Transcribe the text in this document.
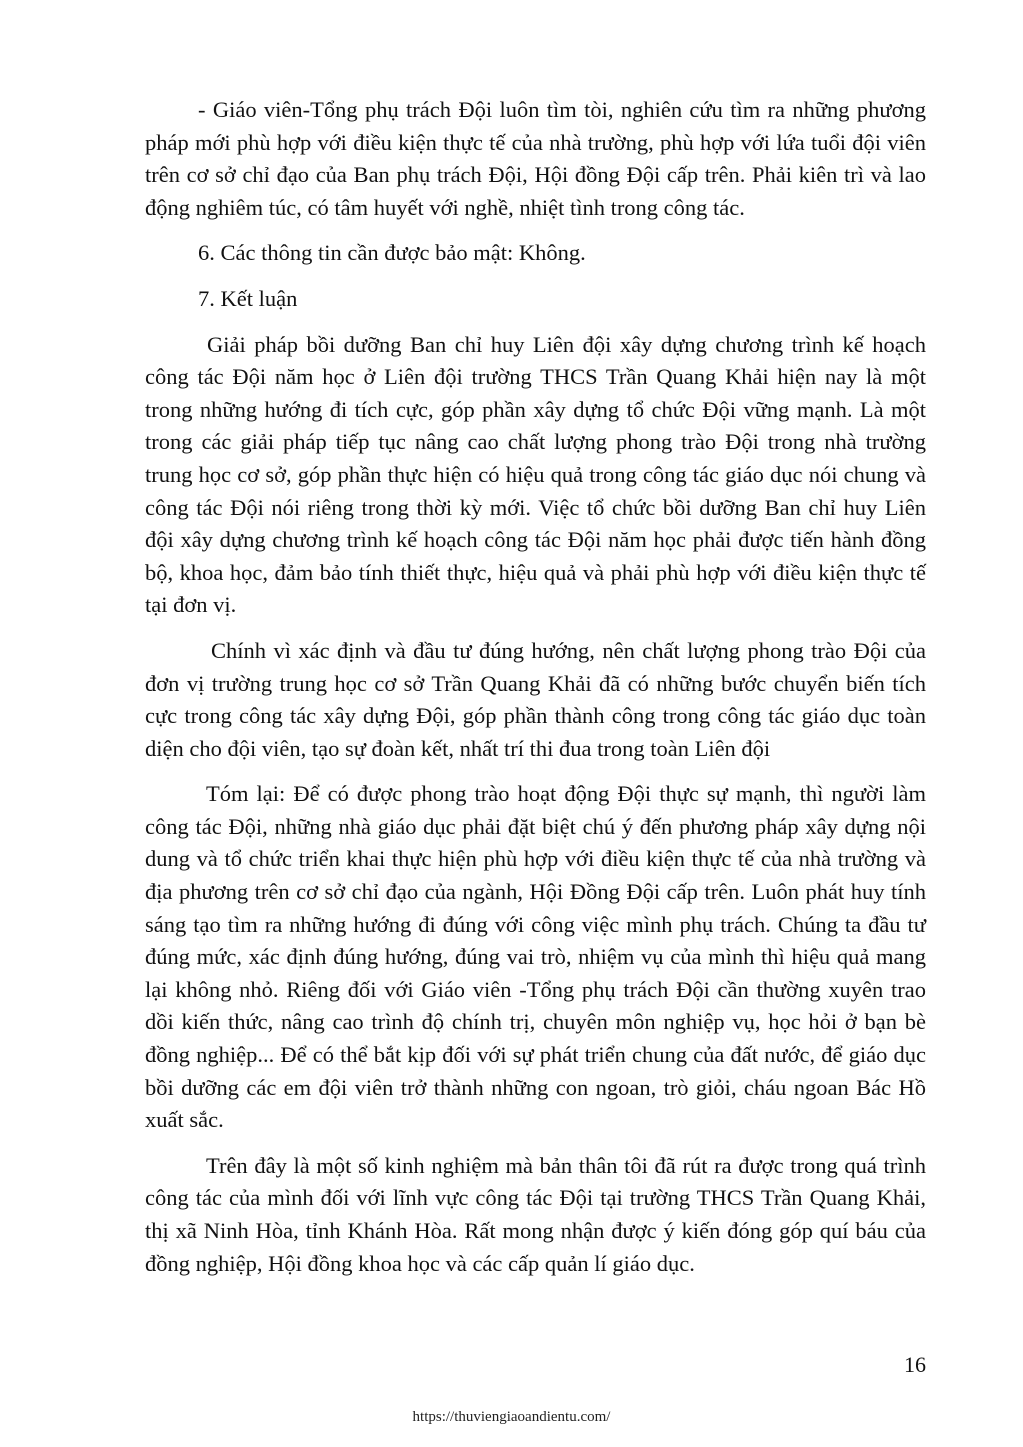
- Giáo viên-Tổng phụ trách Đội luôn tìm tòi, nghiên cứu tìm ra những phương pháp mới phù hợp với điều kiện thực tế của nhà trường, phù hợp với lứa tuổi đội viên trên cơ sở chỉ đạo của Ban phụ trách Đội, Hội đồng Đội cấp trên. Phải kiên trì và lao động nghiêm túc, có tâm huyết với nghề, nhiệt tình trong công tác.

6. Các thông tin cần được bảo mật: Không.

7. Kết luận

Giải pháp bồi dưỡng Ban chỉ huy Liên đội xây dựng chương trình kế hoạch công tác Đội năm học ở Liên đội trường THCS Trần Quang Khải hiện nay là một trong những hướng đi tích cực, góp phần xây dựng tổ chức Đội vững mạnh. Là một trong các giải pháp tiếp tục nâng cao chất lượng phong trào Đội trong nhà trường trung học cơ sở, góp phần thực hiện có hiệu quả trong công tác giáo dục nói chung và công tác Đội nói riêng trong thời kỳ mới. Việc tổ chức bồi dưỡng Ban chỉ huy Liên đội xây dựng chương trình kế hoạch công tác Đội năm học phải được tiến hành đồng bộ, khoa học, đảm bảo tính thiết thực, hiệu quả và phải phù hợp với điều kiện thực tế tại đơn vị.

Chính vì xác định và đầu tư đúng hướng, nên chất lượng phong trào Đội của đơn vị trường trung học cơ sở Trần Quang Khải đã có những bước chuyển biến tích cực trong công tác xây dựng Đội, góp phần thành công trong công tác giáo dục toàn diện cho đội viên, tạo sự đoàn kết, nhất trí thi đua trong toàn Liên đội

Tóm lại: Để có được phong trào hoạt động Đội thực sự mạnh, thì người làm công tác Đội, những nhà giáo dục phải đặt biệt chú ý đến phương pháp xây dựng nội dung và tổ chức triển khai thực hiện phù hợp với điều kiện thực tế của nhà trường và địa phương trên cơ sở chỉ đạo của ngành, Hội Đồng Đội cấp trên. Luôn phát huy tính sáng tạo tìm ra những hướng đi đúng với công việc mình phụ trách. Chúng ta đầu tư đúng mức, xác định đúng hướng, đúng vai trò, nhiệm vụ của mình thì hiệu quả mang lại không nhỏ. Riêng đối với Giáo viên -Tổng phụ trách Đội cần thường xuyên trao dồi kiến thức, nâng cao trình độ chính trị, chuyên môn nghiệp vụ, học hỏi ở bạn bè đồng nghiệp... Để có thể bắt kịp đối với sự phát triển chung của đất nước, để giáo dục bồi dưỡng các em đội viên trở thành những con ngoan, trò giỏi, cháu ngoan Bác Hồ xuất sắc.

Trên đây là một số kinh nghiệm mà bản thân tôi đã rút ra được trong quá trình công tác của mình đối với lĩnh vực công tác Đội tại trường THCS Trần Quang Khải, thị xã Ninh Hòa, tỉnh Khánh Hòa. Rất mong nhận được ý kiến đóng góp quí báu của đồng nghiệp, Hội đồng khoa học và các cấp quản lí giáo dục.

16
https://thuviengiaoandientu.com/
